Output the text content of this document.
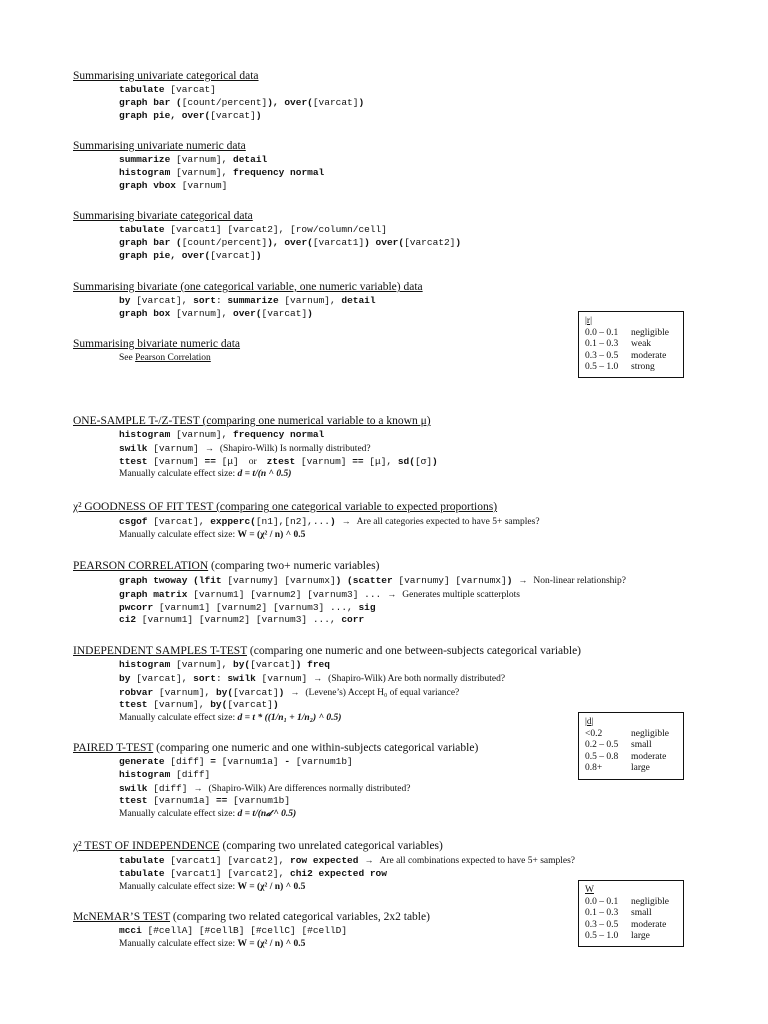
Summarising univariate categorical data
tabulate [varcat]
graph bar ([count/percent]), over([varcat])
graph pie, over([varcat])
Summarising univariate numeric data
summarize [varnum], detail
histogram [varnum], frequency normal
graph vbox [varnum]
Summarising bivariate categorical data
tabulate [varcat1] [varcat2], [row/column/cell]
graph bar ([count/percent]), over([varcat1]) over([varcat2])
graph pie, over([varcat])
Summarising bivariate (one categorical variable, one numeric variable) data
by [varcat], sort: summarize [varnum], detail
graph box [varnum], over([varcat])
Summarising bivariate numeric data
See Pearson Correlation
|r|
0.0 – 0.1	negligible
0.1 – 0.3	weak
0.3 – 0.5	moderate
0.5 – 1.0	strong
ONE-SAMPLE T-/Z-TEST (comparing one numerical variable to a known μ)
histogram [varnum], frequency normal
swilk [varnum] → (Shapiro-Wilk) Is normally distributed?
ttest [varnum] == [μ] or ztest [varnum] == [μ], sd([σ])
Manually calculate effect size: d = t/(n ^ 0.5)
χ² GOODNESS OF FIT TEST (comparing one categorical variable to expected proportions)
csgof [varcat], expperc([n1],[n2],...) → Are all categories expected to have 5+ samples?
Manually calculate effect size: W = (χ² / n) ^ 0.5
PEARSON CORRELATION (comparing two+ numeric variables)
graph twoway (lfit [varnumy] [varnumx]) (scatter [varnumy] [varnumx]) → Non-linear relationship?
graph matrix [varnum1] [varnum2] [varnum3] ... → Generates multiple scatterplots
pwcorr [varnum1] [varnum2] [varnum3] ..., sig
ci2 [varnum1] [varnum2] [varnum3] ..., corr
INDEPENDENT SAMPLES T-TEST (comparing one numeric and one between-subjects categorical variable)
histogram [varnum], by([varcat]) freq
by [varcat], sort: swilk [varnum] → (Shapiro-Wilk) Are both normally distributed?
robvar [varnum], by([varcat]) → (Levene’s) Accept H₀ of equal variance?
ttest [varnum], by([varcat])
Manually calculate effect size: d = t * ((1/n₁ + 1/n₂) ^ 0.5)	|d|
<0.2	negligible
0.2 – 0.5	small
0.5 – 0.8	moderate
0.8+	large
PAIRED T-TEST (comparing one numeric and one within-subjects categorical variable)
generate [diff] = [varnum1a] - [varnum1b]
histogram [diff]
swilk [diff] → (Shapiro-Wilk) Are differences normally distributed?
ttest [varnum1a] == [varnum1b]
Manually calculate effect size: d = t/(n𝒹 ^ 0.5)
χ² TEST OF INDEPENDENCE (comparing two unrelated categorical variables)
tabulate [varcat1] [varcat2], row expected → Are all combinations expected to have 5+ samples?
tabulate [varcat1] [varcat2], chi2 expected row
Manually calculate effect size: W = (χ² / n) ^ 0.5	W
0.0 – 0.1	negligible
0.1 – 0.3	small
0.3 – 0.5	moderate
0.5 – 1.0	large
McNEMAR’S TEST (comparing two related categorical variables, 2x2 table)
mcci [#cellA] [#cellB] [#cellC] [#cellD]
Manually calculate effect size: W = (χ² / n) ^ 0.5
